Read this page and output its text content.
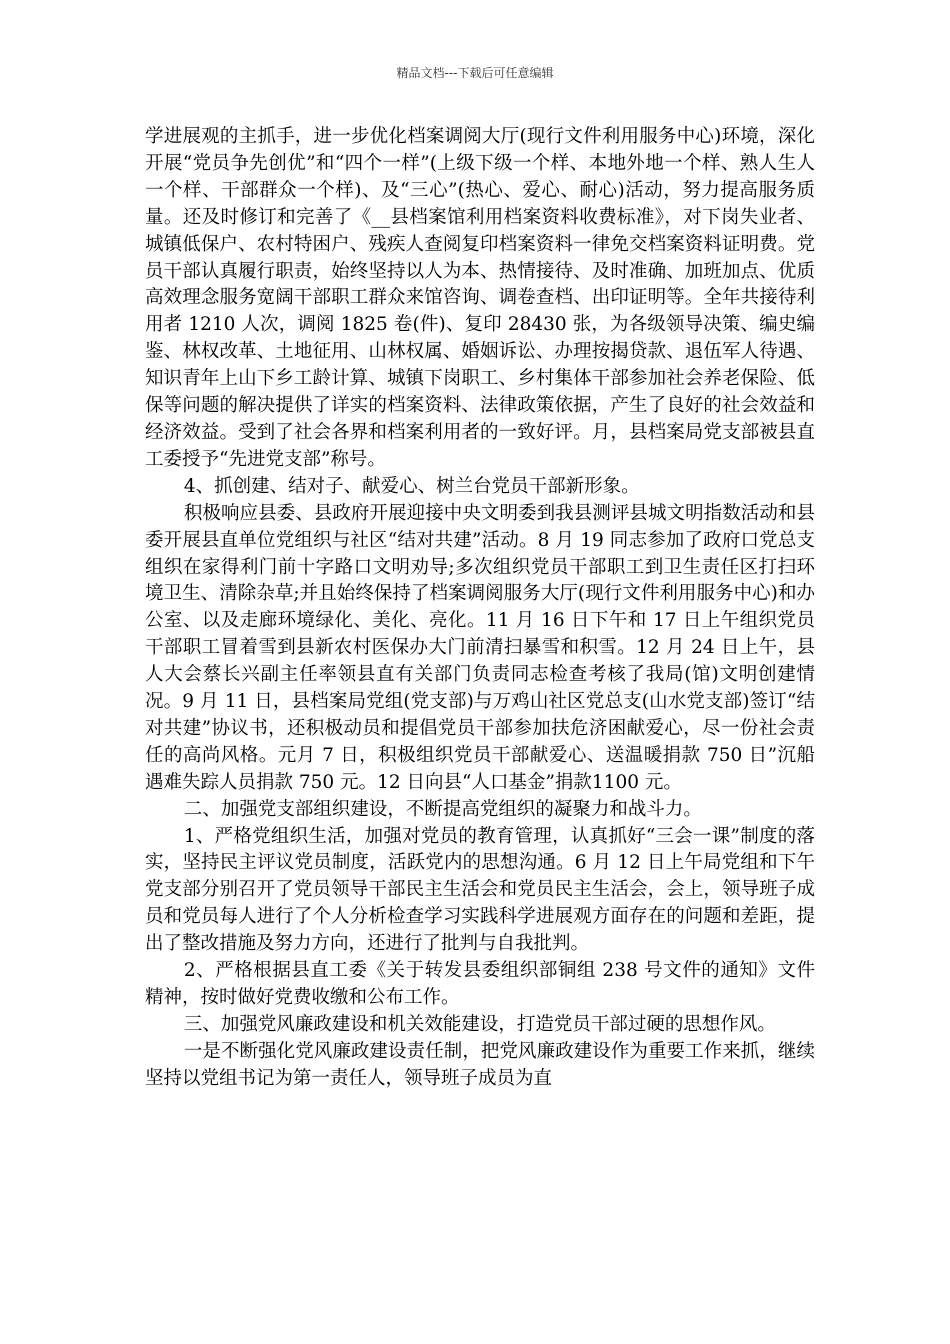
精品文档---下载后可任意编辑

学进展观的主抓手，进一步优化档案调阅大厅(现行文件利用服务中心)环境，深化开展“党员争先创优”和“四个一样”(上级下级一个样、本地外地一个样、熟人生人一个样、干部群众一个样)、及“三心”(热心、爱心、耐心)活动，努力提高服务质量。还及时修订和完善了《__县档案馆利用档案资料收费标准》，对下岗失业者、城镇低保户、农村特困户、残疾人查阅复印档案资料一律免交档案资料证明费。党员干部认真履行职责，始终坚持以人为本、热情接待、及时准确、加班加点、优质高效理念服务宽阔干部职工群众来馆咨询、调卷查档、出印证明等。全年共接待利用者 1210 人次，调阅 1825 卷(件)、复印 28430 张，为各级领导决策、编史编鉴、林权改革、土地征用、山林权属、婚姻诉讼、办理按揭贷款、退伍军人待遇、知识青年上山下乡工龄计算、城镇下岗职工、乡村集体干部参加社会养老保险、低保等问题的解决提供了详实的档案资料、法律政策依据，产生了良好的社会效益和经济效益。受到了社会各界和档案利用者的一致好评。月，县档案局党支部被县直工委授予“先进党支部”称号。

4、抓创建、结对子、献爱心、树兰台党员干部新形象。

积极响应县委、县政府开展迎接中央文明委到我县测评县城文明指数活动和县委开展县直单位党组织与社区“结对共建”活动。8 月 19 同志参加了政府口党总支组织在家得利门前十字路口文明劝导;多次组织党员干部职工到卫生责任区打扫环境卫生、清除杂草;并且始终保持了档案调阅服务大厅(现行文件利用服务中心)和办公室、以及走廊环境绿化、美化、亮化。11 月 16 日下午和 17 日上午组织党员干部职工冒着雪到县新农村医保办大门前清扫暴雪和积雪。12 月 24 日上午，县人大会蔡长兴副主任率领县直有关部门负责同志检查考核了我局(馆)文明创建情况。9 月 11 日，县档案局党组(党支部)与万鸡山社区党总支(山水党支部)签订“结对共建”协议书，还积极动员和提倡党员干部参加扶危济困献爱心，尽一份社会责任的高尚风格。元月 7 日，积极组织党员干部献爱心、送温暖捐款 750 日”沉船遇难失踪人员捐款 750 元。12 日向县“人口基金”捐款1100 元。

二、加强党支部组织建设，不断提高党组织的凝聚力和战斗力。

1、严格党组织生活，加强对党员的教育管理，认真抓好“三会一课”制度的落实，坚持民主评议党员制度，活跃党内的思想沟通。6 月 12 日上午局党组和下午党支部分别召开了党员领导干部民主生活会和党员民主生活会，会上，领导班子成员和党员每人进行了个人分析检查学习实践科学进展观方面存在的问题和差距，提出了整改措施及努力方向，还进行了批判与自我批判。

2、严格根据县直工委《关于转发县委组织部铜组 238 号文件的通知》文件精神，按时做好党费收缴和公布工作。

三、加强党风廉政建设和机关效能建设，打造党员干部过硬的思想作风。

一是不断强化党风廉政建设责任制，把党风廉政建设作为重要工作来抓，继续坚持以党组书记为第一责任人，领导班子成员为直
